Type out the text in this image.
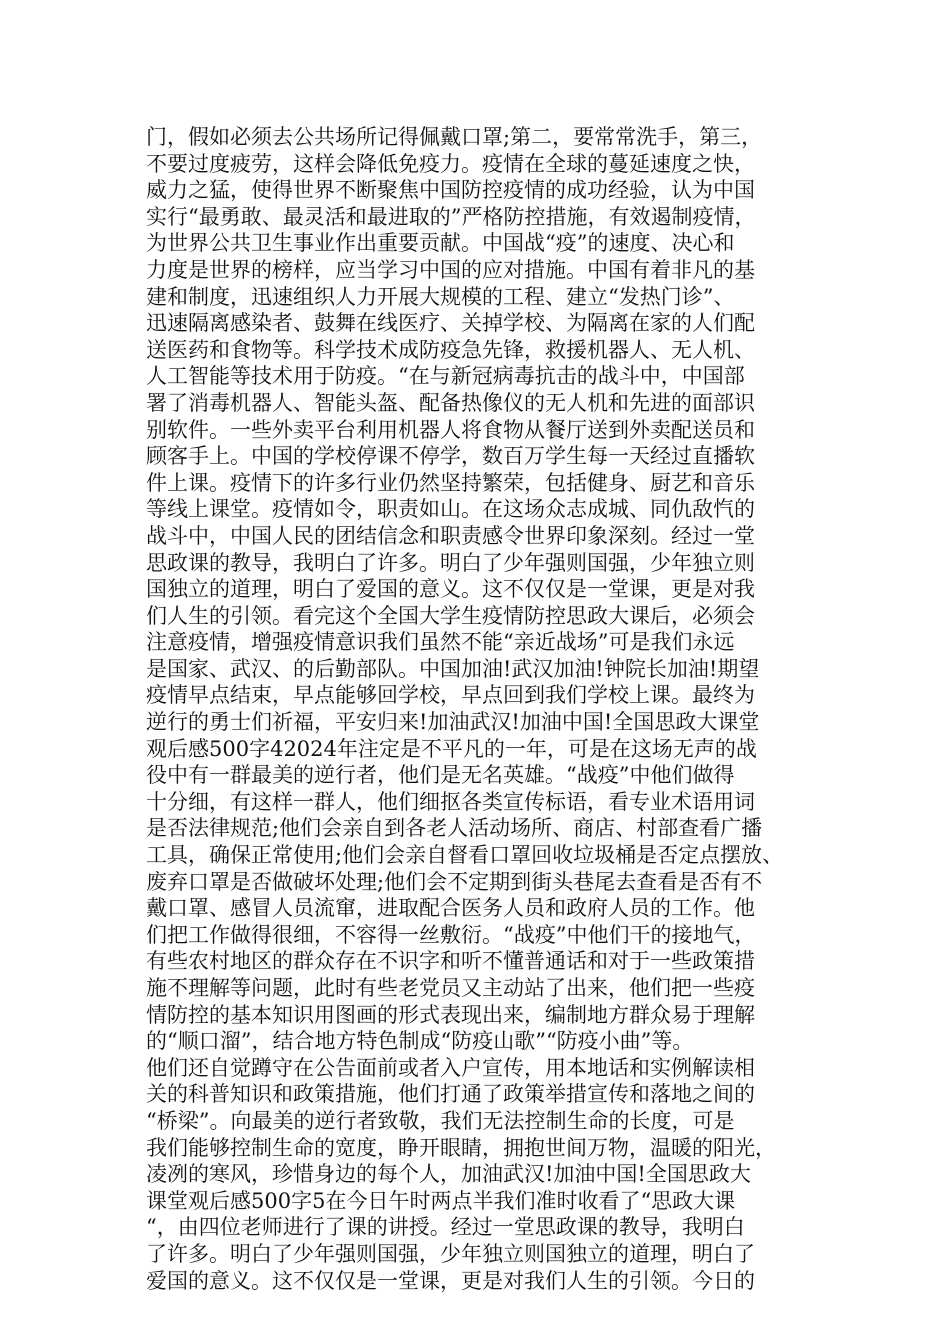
门，假如必须去公共场所记得佩戴口罩;第二，要常常洗手，第三，
不要过度疲劳，这样会降低免疫力。疫情在全球的蔓延速度之快，
威力之猛，使得世界不断聚焦中国防控疫情的成功经验，认为中国
实行“最勇敢、最灵活和最进取的”严格防控措施，有效遏制疫情，
为世界公共卫生事业作出重要贡献。中国战“疫”的速度、决心和
力度是世界的榜样，应当学习中国的应对措施。中国有着非凡的基
建和制度，迅速组织人力开展大规模的工程、建立“发热门诊”、
迅速隔离感染者、鼓舞在线医疗、关掉学校、为隔离在家的人们配
送医药和食物等。科学技术成防疫急先锋，救援机器人、无人机、
人工智能等技术用于防疫。“在与新冠病毒抗击的战斗中，中国部
署了消毒机器人、智能头盔、配备热像仪的无人机和先进的面部识
别软件。一些外卖平台利用机器人将食物从餐厅送到外卖配送员和
顾客手上。中国的学校停课不停学，数百万学生每一天经过直播软
件上课。疫情下的许多行业仍然坚持繁荣，包括健身、厨艺和音乐
等线上课堂。疫情如令，职责如山。在这场众志成城、同仇敌忾的
战斗中，中国人民的团结信念和职责感令世界印象深刻。经过一堂
思政课的教导，我明白了许多。明白了少年强则国强，少年独立则
国独立的道理，明白了爱国的意义。这不仅仅是一堂课，更是对我
们人生的引领。看完这个全国大学生疫情防控思政大课后，必须会
注意疫情，增强疫情意识我们虽然不能“亲近战场”可是我们永远
是国家、武汉、的后勤部队。中国加油!武汉加油!钟院长加油!期望
疫情早点结束，早点能够回学校，早点回到我们学校上课。最终为
逆行的勇士们祈福，平安归来!加油武汉!加油中国!全国思政大课堂
观后感500字42024年注定是不平凡的一年，可是在这场无声的战
役中有一群最美的逆行者，他们是无名英雄。“战疫”中他们做得
十分细，有这样一群人，他们细抠各类宣传标语，看专业术语用词
是否法律规范;他们会亲自到各老人活动场所、商店、村部查看广播
工具，确保正常使用;他们会亲自督看口罩回收垃圾桶是否定点摆放、
废弃口罩是否做破坏处理;他们会不定期到街头巷尾去查看是否有不
戴口罩、感冒人员流窜，进取配合医务人员和政府人员的工作。他
们把工作做得很细，不容得一丝敷衍。“战疫”中他们干的接地气，
有些农村地区的群众存在不识字和听不懂普通话和对于一些政策措
施不理解等问题，此时有些老党员又主动站了出来，他们把一些疫
情防控的基本知识用图画的形式表现出来，编制地方群众易于理解
的“顺口溜”，结合地方特色制成“防疫山歌”“防疫小曲”等。
他们还自觉蹲守在公告面前或者入户宣传，用本地话和实例解读相
关的科普知识和政策措施，他们打通了政策举措宣传和落地之间的
“桥梁”。向最美的逆行者致敬，我们无法控制生命的长度，可是
我们能够控制生命的宽度，睁开眼睛，拥抱世间万物，温暖的阳光，
凌冽的寒风，珍惜身边的每个人，加油武汉!加油中国!全国思政大
课堂观后感500字5在今日午时两点半我们准时收看了“思政大课
“，由四位老师进行了课的讲授。经过一堂思政课的教导，我明白
了许多。明白了少年强则国强，少年独立则国独立的道理，明白了
爱国的意义。这不仅仅是一堂课，更是对我们人生的引领。今日的
